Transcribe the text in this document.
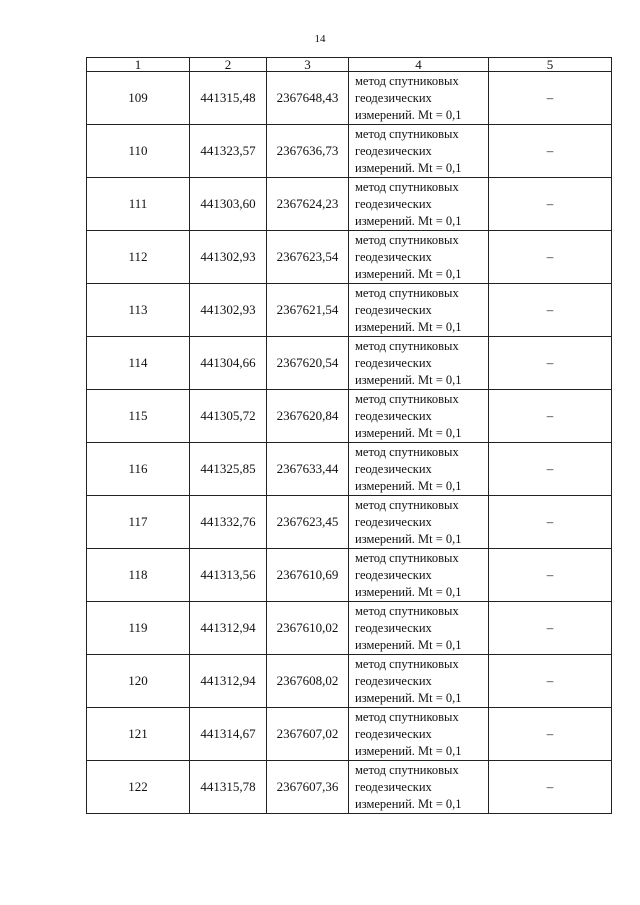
14
1	2	3	4	5
109	441315,48	2367648,43	метод спутниковых
геодезических
измерений. Mt = 0,1	–
110	441323,57	2367636,73	метод спутниковых
геодезических
измерений. Mt = 0,1	–
111	441303,60	2367624,23	метод спутниковых
геодезических
измерений. Mt = 0,1	–
112	441302,93	2367623,54	метод спутниковых
геодезических
измерений. Mt = 0,1	–
113	441302,93	2367621,54	метод спутниковых
геодезических
измерений. Mt = 0,1	–
114	441304,66	2367620,54	метод спутниковых
геодезических
измерений. Mt = 0,1	–
115	441305,72	2367620,84	метод спутниковых
геодезических
измерений. Mt = 0,1	–
116	441325,85	2367633,44	метод спутниковых
геодезических
измерений. Mt = 0,1	–
117	441332,76	2367623,45	метод спутниковых
геодезических
измерений. Mt = 0,1	–
118	441313,56	2367610,69	метод спутниковых
геодезических
измерений. Mt = 0,1	–
119	441312,94	2367610,02	метод спутниковых
геодезических
измерений. Mt = 0,1	–
120	441312,94	2367608,02	метод спутниковых
геодезических
измерений. Mt = 0,1	–
121	441314,67	2367607,02	метод спутниковых
геодезических
измерений. Mt = 0,1	–
122	441315,78	2367607,36	метод спутниковых
геодезических
измерений. Mt = 0,1	–
